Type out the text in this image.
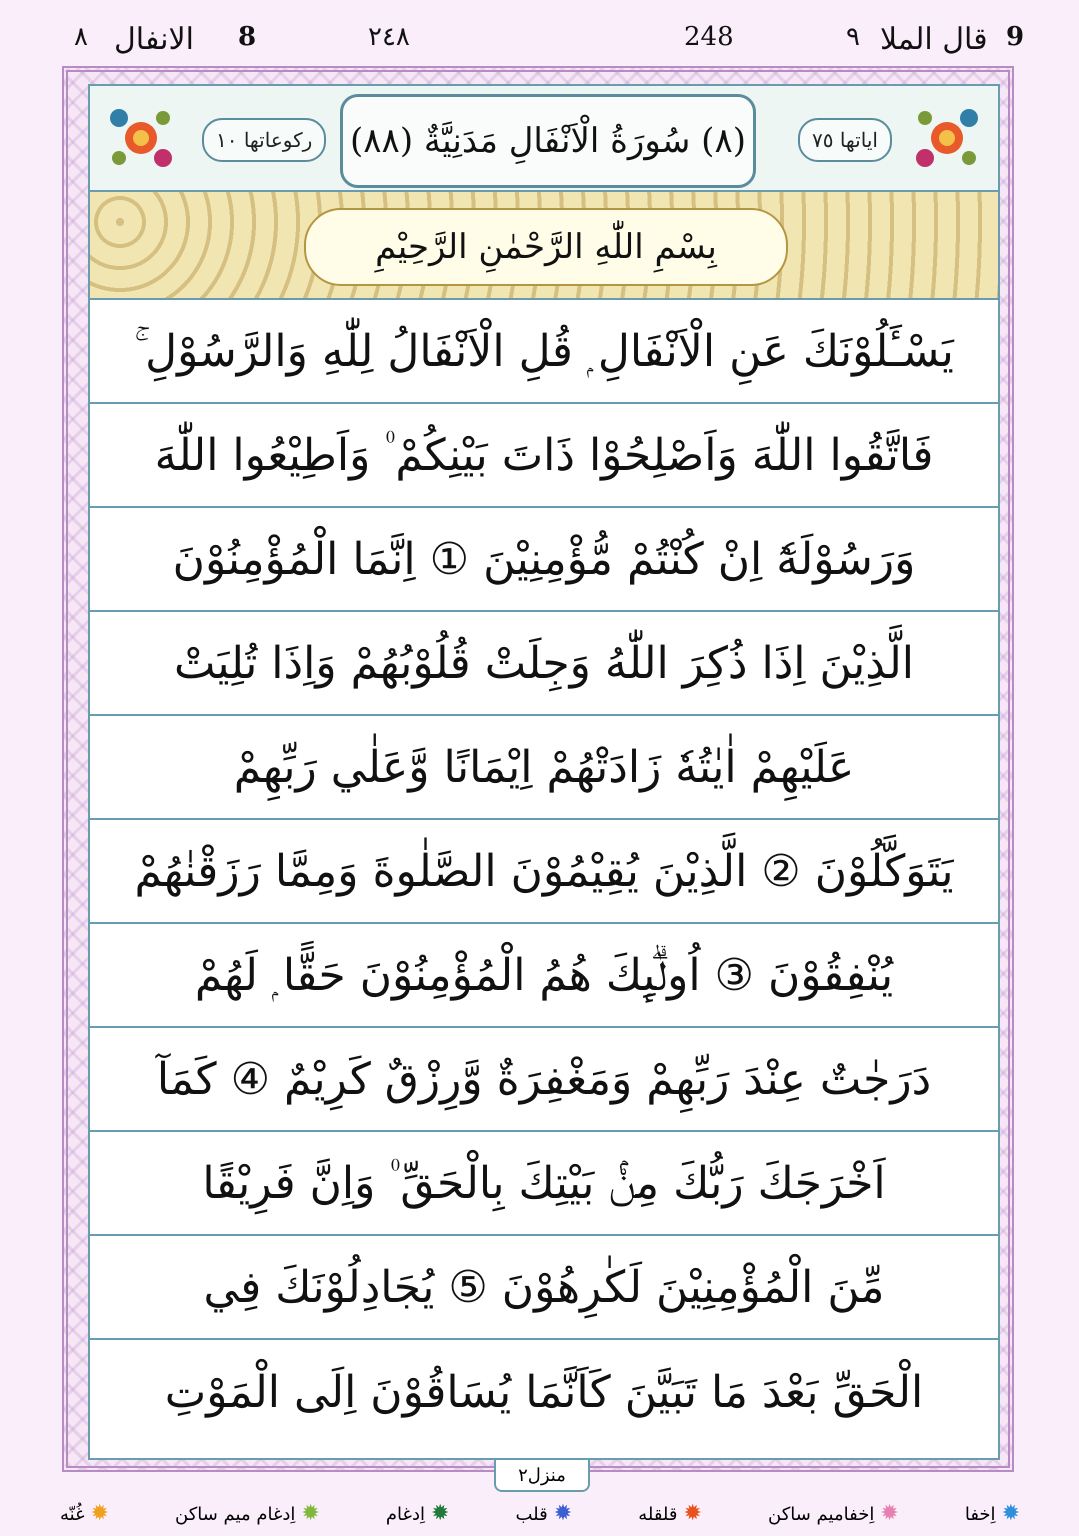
٨ الانفال 8	٢٤٨	248	٩ قال الملا 9
رکوعاتھا ١٠	(٨) سُورَةُ الْاَنْفَالِ مَدَنِيَّةٌ (٨٨)	ایاتھا ٧٥
بِسْمِ اللّٰهِ الرَّحْمٰنِ الرَّحِيْمِ
يَسْـَٔلُوْنَكَ عَنِ الْاَنْفَالِ ۭ قُلِ الْاَنْفَالُ لِلّٰهِ وَالرَّسُوْلِ ۚ
فَاتَّقُوا اللّٰهَ وَاَصْلِحُوْا ذَاتَ بَيْنِكُمْ ۠ وَاَطِيْعُوا اللّٰهَ
وَرَسُوْلَهٗٓ اِنْ كُنْتُمْ مُّؤْمِنِيْنَ ① اِنَّمَا الْمُؤْمِنُوْنَ
الَّذِيْنَ اِذَا ذُكِرَ اللّٰهُ وَجِلَتْ قُلُوْبُهُمْ وَاِذَا تُلِيَتْ
عَلَيْهِمْ اٰيٰتُهٗ زَادَتْهُمْ اِيْمَانًا وَّعَلٰي رَبِّهِمْ
يَتَوَكَّلُوْنَ ② الَّذِيْنَ يُقِيْمُوْنَ الصَّلٰوةَ وَمِمَّا رَزَقْنٰهُمْ
يُنْفِقُوْنَ ③ اُولٰۗىِٕكَ هُمُ الْمُؤْمِنُوْنَ حَقًّا ۭ لَهُمْ
دَرَجٰتٌ عِنْدَ رَبِّهِمْ وَمَغْفِرَةٌ وَّرِزْقٌ كَرِيْمٌ ④ كَمَآ
اَخْرَجَكَ رَبُّكَ مِنْۢ بَيْتِكَ بِالْحَقِّ ۠ وَاِنَّ فَرِيْقًا
مِّنَ الْمُؤْمِنِيْنَ لَكٰرِهُوْنَ ⑤ يُجَادِلُوْنَكَ فِي
الْحَقِّ بَعْدَ مَا تَبَيَّنَ كَاَنَّمَا يُسَاقُوْنَ اِلَى الْمَوْتِ
منزل٢
✹
اِخفا
✹
اِخفامیم ساکن
✹
قلقله
✹
قلب
✹
اِدغام
✹
اِدغام میم ساکن
✹
غُنّه
